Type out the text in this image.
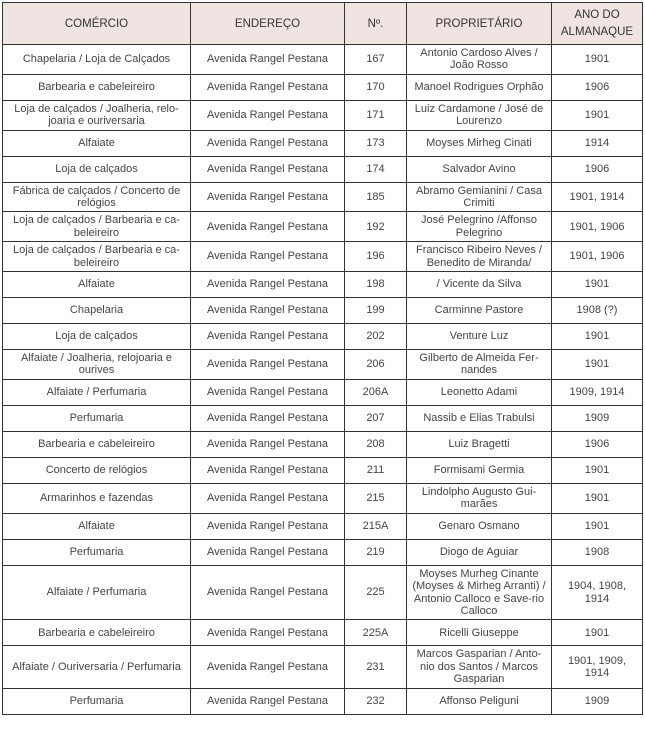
COMÉRCIO	ENDEREÇO	Nº.	PROPRIETÁRIO	ANO DO ALMANAQUE
Chapelaria / Loja de Calçados	Avenida Rangel Pestana	167	Antonio Cardoso Alves / João Rosso	1901
Barbearia e cabeleireiro	Avenida Rangel Pestana	170	Manoel Rodrigues Orphão	1906
Loja de calçados / Joalheria, relo-joaria e ouriversaria	Avenida Rangel Pestana	171	Luiz Cardamone / José de Lourenzo	1901
Alfaiate	Avenida Rangel Pestana	173	Moyses Mirheg Cinati	1914
Loja de calçados	Avenida Rangel Pestana	174	Salvador Avino	1906
Fábrica de calçados / Concerto de relógios	Avenida Rangel Pestana	185	Abramo Gemianini / Casa Crimiti	1901, 1914
Loja de calçados / Barbearia e ca-beleireiro	Avenida Rangel Pestana	192	José Pelegrino /Affonso Pelegrino	1901, 1906
Loja de calçados / Barbearia e ca-beleireiro	Avenida Rangel Pestana	196	Francisco Ribeiro Neves / Benedito de Miranda/	1901, 1906
Alfaiate	Avenida Rangel Pestana	198	/ Vicente da Silva	1901
Chapelaria	Avenida Rangel Pestana	199	Carminne Pastore	1908 (?)
Loja de calçados	Avenida Rangel Pestana	202	Venture Luz	1901
Alfaiate / Joalheria, relojoaria e ourives	Avenida Rangel Pestana	206	Gilberto de Almeida Fer-nandes	1901
Alfaiate / Perfumaria	Avenida Rangel Pestana	206A	Leonetto Adami	1909, 1914
Perfumaria	Avenida Rangel Pestana	207	Nassib e Elias Trabulsi	1909
Barbearia e cabeleireiro	Avenida Rangel Pestana	208	Luiz Bragetti	1906
Concerto de relógios	Avenida Rangel Pestana	211	Formisami Germia	1901
Armarinhos e fazendas	Avenida Rangel Pestana	215	Lindolpho Augusto Gui-marães	1901
Alfaiate	Avenida Rangel Pestana	215A	Genaro Osmano	1901
Perfumaria	Avenida Rangel Pestana	219	Diogo de Aguiar	1908
Alfaiate / Perfumaria	Avenida Rangel Pestana	225	Moyses Murheg Cinante (Moyses & Mirheg Arranti) / Antonio Calloco e Save-rio Calloco	1904, 1908, 1914
Barbearia e cabeleireiro	Avenida Rangel Pestana	225A	Ricelli Giuseppe	1901
Alfaiate / Ouriversaria / Perfumaria	Avenida Rangel Pestana	231	Marcos Gasparian / Anto-nio dos Santos / Marcos Gasparian	1901, 1909, 1914
Perfumaria	Avenida Rangel Pestana	232	Affonso Peliguni	1909
